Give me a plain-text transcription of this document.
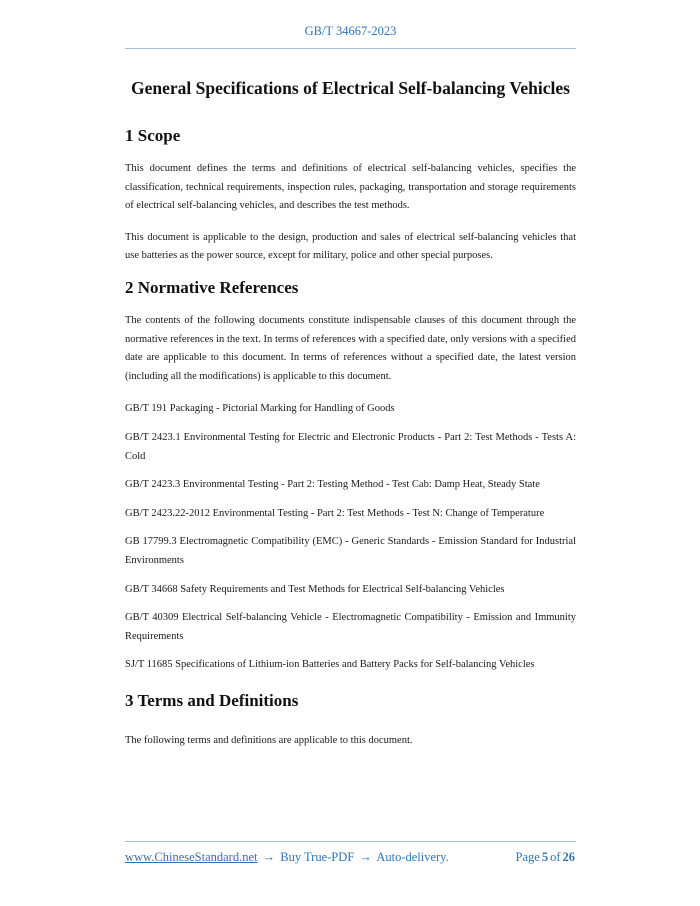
GB/T 34667-2023
General Specifications of Electrical Self-balancing Vehicles
1 Scope

This document defines the terms and definitions of electrical self-balancing vehicles, specifies the classification, technical requirements, inspection rules, packaging, transportation and storage requirements of electrical self-balancing vehicles, and describes the test methods.

This document is applicable to the design, production and sales of electrical self-balancing vehicles that use batteries as the power source, except for military, police and other special purposes.

2 Normative References

The contents of the following documents constitute indispensable clauses of this document through the normative references in the text. In terms of references with a specified date, only versions with a specified date are applicable to this document. In terms of references without a specified date, the latest version (including all the modifications) is applicable to this document.

GB/T 191 Packaging - Pictorial Marking for Handling of Goods

GB/T 2423.1 Environmental Testing for Electric and Electronic Products - Part 2: Test Methods - Tests A: Cold

GB/T 2423.3 Environmental Testing - Part 2: Testing Method - Test Cab: Damp Heat, Steady State

GB/T 2423.22-2012 Environmental Testing - Part 2: Test Methods - Test N: Change of Temperature

GB 17799.3 Electromagnetic Compatibility (EMC) - Generic Standards - Emission Standard for Industrial Environments

GB/T 34668 Safety Requirements and Test Methods for Electrical Self-balancing Vehicles

GB/T 40309 Electrical Self-balancing Vehicle - Electromagnetic Compatibility - Emission and Immunity Requirements

SJ/T 11685 Specifications of Lithium-ion Batteries and Battery Packs for Self-balancing Vehicles

3 Terms and Definitions

The following terms and definitions are applicable to this document.

www.ChineseStandard.net → Buy True-PDF → Auto-delivery.	Page 5 of 26
